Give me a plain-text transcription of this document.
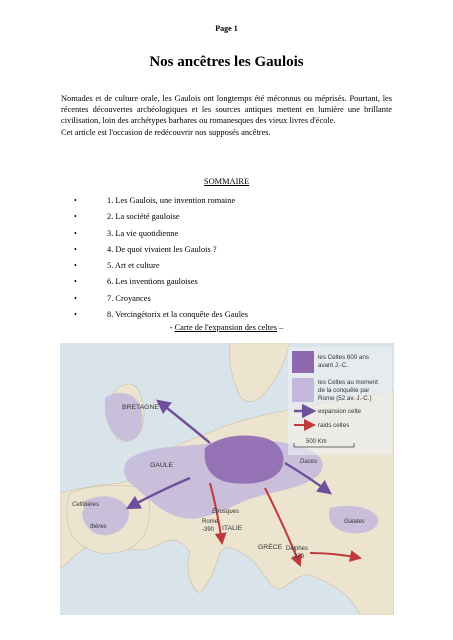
Page 1
Nos ancêtres les Gaulois

Nomades et de culture orale, les Gaulois ont longtemps été méconnus ou méprisés. Pourtant, les récentes découvertes archéologiques et les sources antiques mettent en lumière une brillante civilisation, loin des archétypes barbares ou romanesques des vieux livres d'école.

Cet article est l'occasion de redécouvrir nos supposés ancêtres.

SOMMAIRE
•	1. Les Gaulois, une invention romaine
•	2. La société gauloise
•	3. La vie quotidienne
•	4. De quoi vivaient les Gaulois ?
•	5. Art et culture
•	6. Les inventions gauloises
•	7. Croyances
•	8. Vercingétorix et la conquête des Gaules
- Carte de l'expansion des celtes –
les Celtes 600 ans
avant J.-C.
les Celtes au moment
de la conquête par
Rome (52 av. J.-C.)
expansion celte
raids celtes
500 Km
BRETAGNE
GAULE
Celtibères
Ibères
Étrusques
Rome
-390 ITALIE
GRÈCE Delphes
-279
Daces
Galates
